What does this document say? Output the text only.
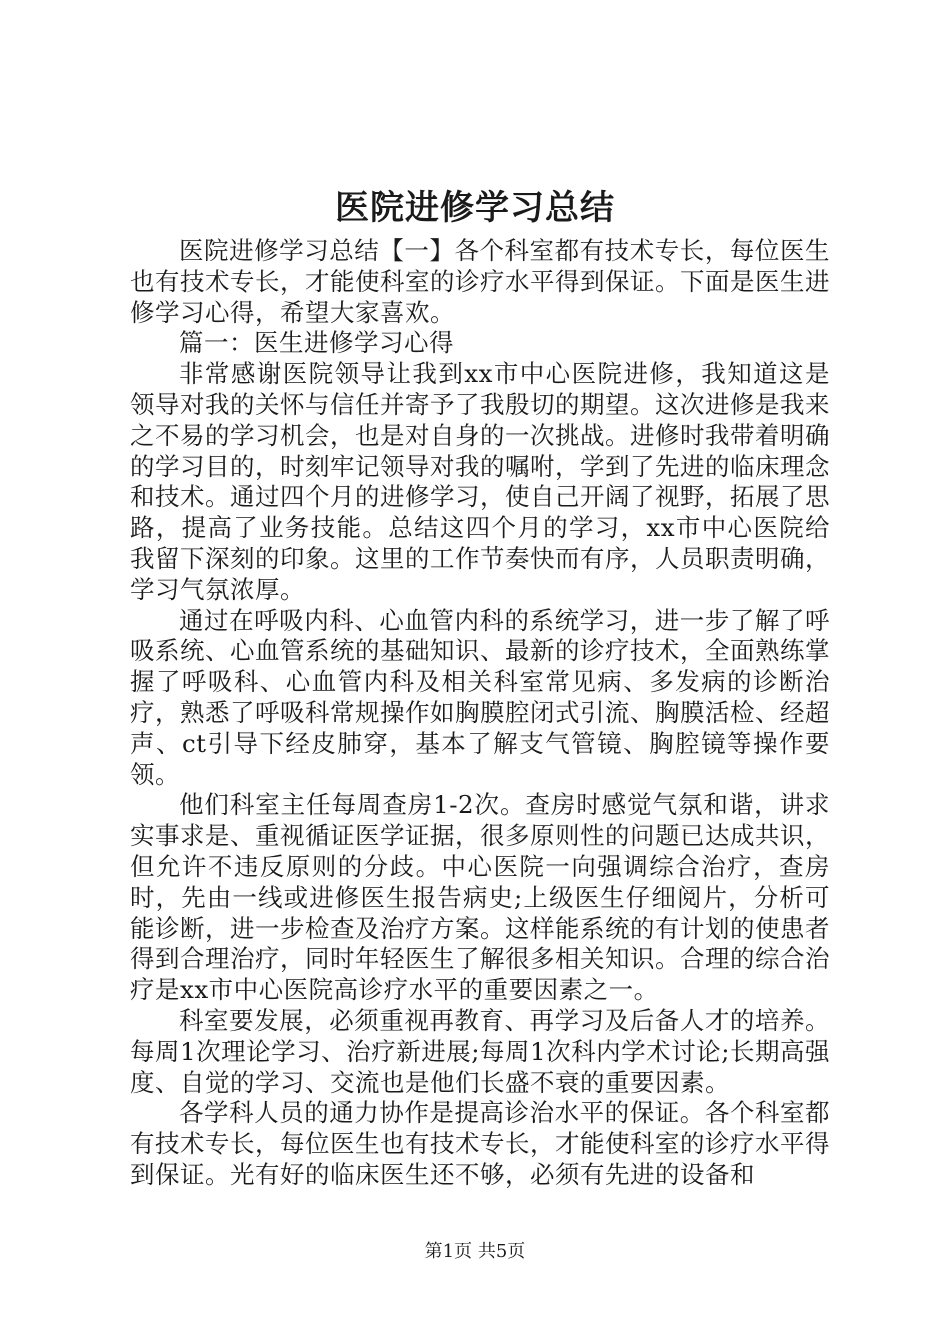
医院进修学习总结

医院进修学习总结【一】各个科室都有技术专长，每位医生也有技术专长，才能使科室的诊疗水平得到保证。下面是医生进修学习心得，希望大家喜欢。

篇一：医生进修学习心得

非常感谢医院领导让我到xx市中心医院进修，我知道这是领导对我的关怀与信任并寄予了我殷切的期望。这次进修是我来之不易的学习机会，也是对自身的一次挑战。进修时我带着明确的学习目的，时刻牢记领导对我的嘱咐，学到了先进的临床理念和技术。通过四个月的进修学习，使自己开阔了视野，拓展了思路，提高了业务技能。总结这四个月的学习，xx市中心医院给我留下深刻的印象。这里的工作节奏快而有序，人员职责明确，学习气氛浓厚。

通过在呼吸内科、心血管内科的系统学习，进一步了解了呼吸系统、心血管系统的基础知识、最新的诊疗技术，全面熟练掌握了呼吸科、心血管内科及相关科室常见病、多发病的诊断治疗，熟悉了呼吸科常规操作如胸膜腔闭式引流、胸膜活检、经超声、ct引导下经皮肺穿，基本了解支气管镜、胸腔镜等操作要领。

他们科室主任每周查房1-2次。查房时感觉气氛和谐，讲求实事求是、重视循证医学证据，很多原则性的问题已达成共识，但允许不违反原则的分歧。中心医院一向强调综合治疗，查房时，先由一线或进修医生报告病史;上级医生仔细阅片，分析可能诊断，进一步检查及治疗方案。这样能系统的有计划的使患者得到合理治疗，同时年轻医生了解很多相关知识。合理的综合治疗是xx市中心医院高诊疗水平的重要因素之一。

科室要发展，必须重视再教育、再学习及后备人才的培养。每周1次理论学习、治疗新进展;每周1次科内学术讨论;长期高强度、自觉的学习、交流也是他们长盛不衰的重要因素。

各学科人员的通力协作是提高诊治水平的保证。各个科室都有技术专长，每位医生也有技术专长，才能使科室的诊疗水平得到保证。光有好的临床医生还不够，必须有先进的设备和

第1页 共5页
